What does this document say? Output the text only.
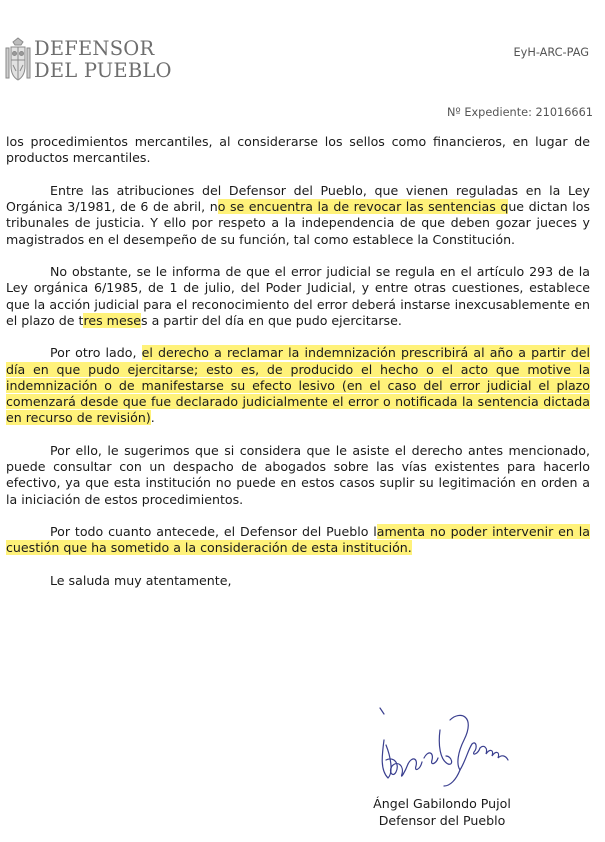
DEFENSOR
DEL PUEBLO
EyH-ARC-PAG
Nº Expediente: 21016661

los procedimientos mercantiles, al considerarse los sellos como financieros, en lugar de productos mercantiles.

Entre las atribuciones del Defensor del Pueblo, que vienen reguladas en la Ley Orgánica 3/1981, de 6 de abril, no se encuentra la de revocar las sentencias que dictan los tribunales de justicia. Y ello por respeto a la independencia de que deben gozar jueces y magistrados en el desempeño de su función, tal como establece la Constitución.

No obstante, se le informa de que el error judicial se regula en el artículo 293 de la Ley orgánica 6/1985, de 1 de julio, del Poder Judicial, y entre otras cuestiones, establece que la acción judicial para el reconocimiento del error deberá instarse inexcusablemente en el plazo de tres meses a partir del día en que pudo ejercitarse.

Por otro lado, el derecho a reclamar la indemnización prescribirá al año a partir del día en que pudo ejercitarse; esto es, de producido el hecho o el acto que motive la indemnización o de manifestarse su efecto lesivo (en el caso del error judicial el plazo comenzará desde que fue declarado judicialmente el error o notificada la sentencia dictada en recurso de revisión).

Por ello, le sugerimos que si considera que le asiste el derecho antes mencionado, puede consultar con un despacho de abogados sobre las vías existentes para hacerlo efectivo, ya que esta institución no puede en estos casos suplir su legitimación en orden a la iniciación de estos procedimientos.

Por todo cuanto antecede, el Defensor del Pueblo lamenta no poder intervenir en la cuestión que ha sometido a la consideración de esta institución.

Le saluda muy atentamente,

Ángel Gabilondo Pujol
Defensor del Pueblo
